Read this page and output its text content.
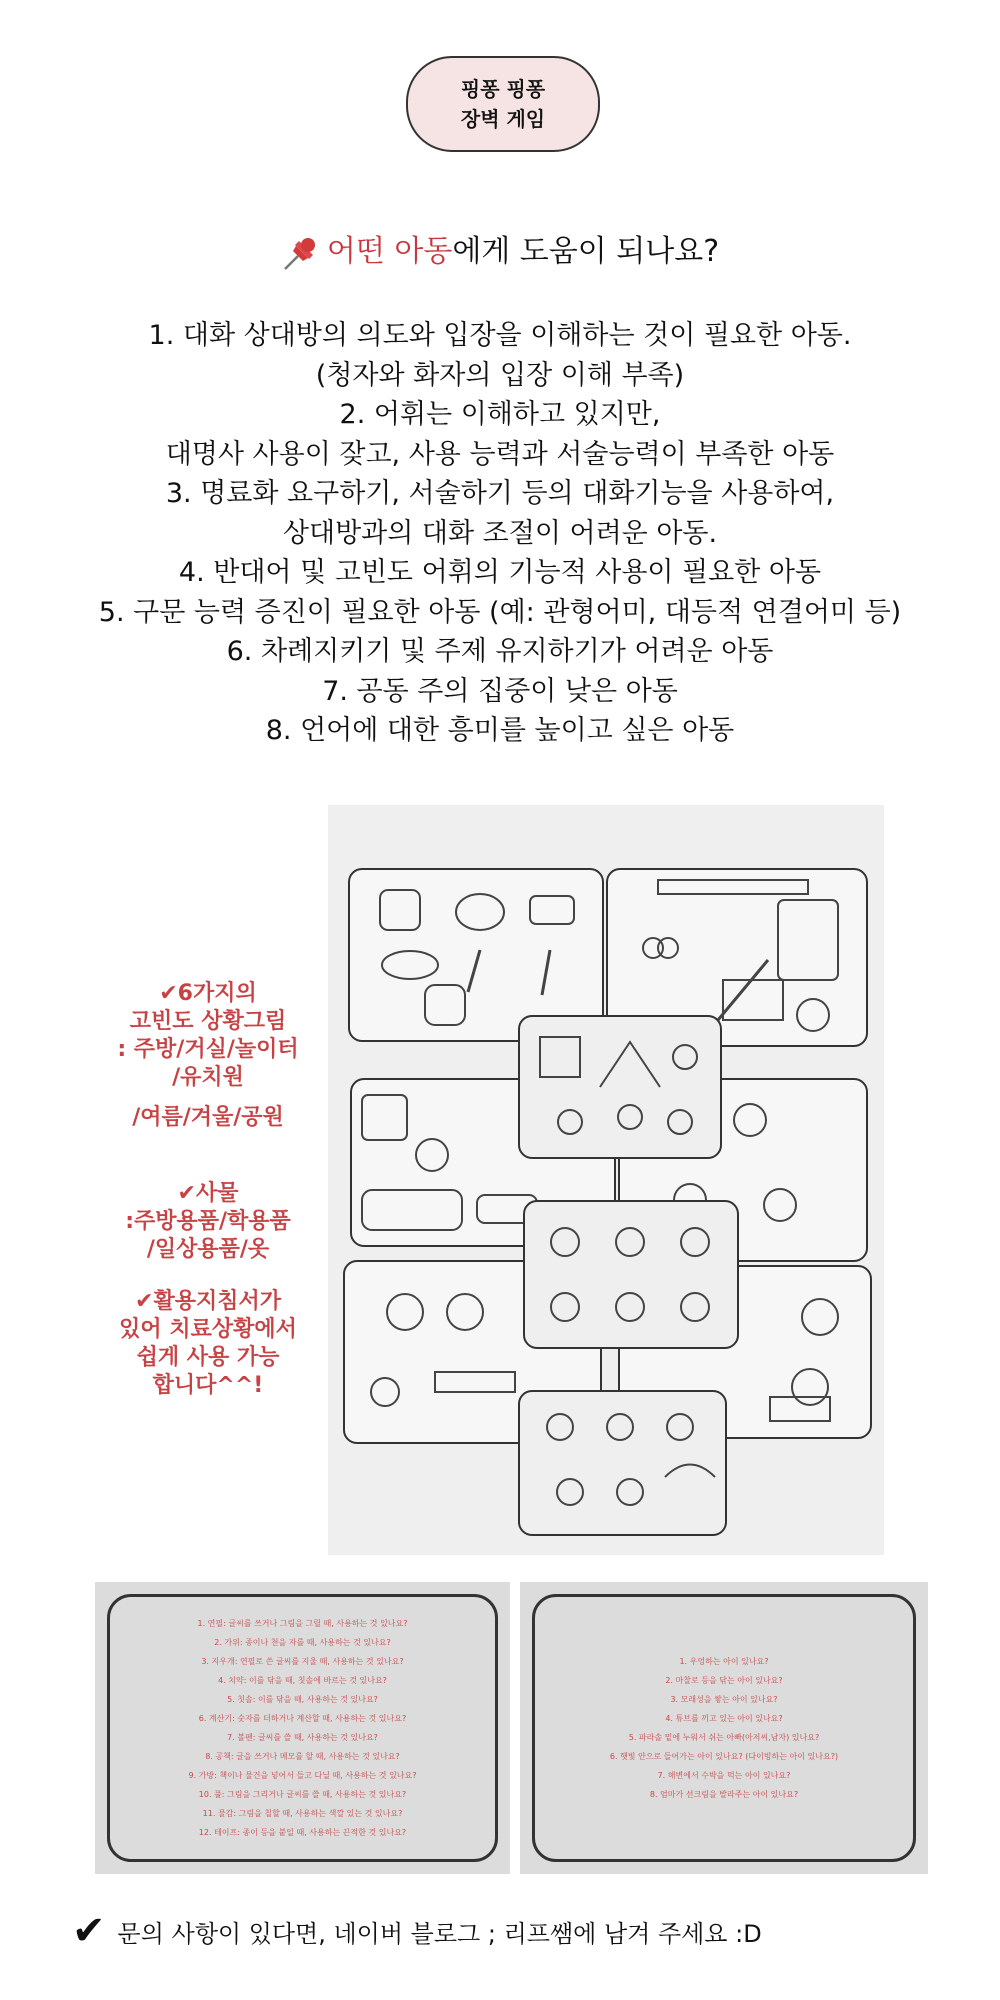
핑퐁 핑퐁
장벽 게임
어떤 아동에게 도움이 되나요?
1. 대화 상대방의 의도와 입장을 이해하는 것이 필요한 아동.
(청자와 화자의 입장 이해 부족)
2. 어휘는 이해하고 있지만,
대명사 사용이 잦고, 사용 능력과 서술능력이 부족한 아동
3. 명료화 요구하기, 서술하기 등의 대화기능을 사용하여,
상대방과의 대화 조절이 어려운 아동.
4. 반대어 및 고빈도 어휘의 기능적 사용이 필요한 아동
5. 구문 능력 증진이 필요한 아동 (예: 관형어미, 대등적 연결어미 등)
6. 차례지키기 및 주제 유지하기가 어려운 아동
7. 공동 주의 집중이 낮은 아동
8. 언어에 대한 흥미를 높이고 싶은 아동
✔6가지의
고빈도 상황그림
: 주방/거실/놀이터
/유치원
/여름/겨울/공원
✔사물
:주방용품/학용품
/일상용품/옷
✔활용지침서가
있어 치료상황에서
쉽게 사용 가능
합니다^^!
1. 연필: 글씨를 쓰거나 그림을 그릴 때, 사용하는 것 있나요?
2. 가위: 종이나 천을 자를 때, 사용하는 것 있나요?
3. 지우개: 연필로 쓴 글씨를 지울 때, 사용하는 것 있나요?
4. 치약: 이를 닦을 때, 칫솔에 바르는 것 있나요?
5. 칫솔: 이를 닦을 때, 사용하는 것 있나요?
6. 계산기: 숫자를 더하거나 계산할 때, 사용하는 것 있나요?
7. 볼펜: 글씨를 쓸 때, 사용하는 것 있나요?
8. 공책: 글을 쓰거나 메모를 할 때, 사용하는 것 있나요?
9. 가방: 책이나 물건을 넣어서 들고 다닐 때, 사용하는 것 있나요?
10. 풀: 그림을 그리거나 글씨를 쓸 때, 사용하는 것 있나요?
11. 물감: 그림을 칠할 때, 사용하는 색깔 있는 것 있나요?
12. 테이프: 종이 등을 붙일 때, 사용하는 끈적한 것 있나요?
1. 우엉하는 아이 있나요?
2. 마찰로 등을 닦는 아이 있나요?
3. 모래성을 쌓는 아이 있나요?
4. 튜브를 끼고 있는 아이 있나요?
5. 파라솔 밑에 누워서 쉬는 아빠(아저씨,남자) 있나요?
6. 햇빛 안으로 들어가는 아이 있나요? (다이빙하는 아이 있나요?)
7. 해변에서 수박을 먹는 아이 있나요?
8. 엄마가 선크림을 발라주는 아이 있나요?
✔ 문의 사항이 있다면, 네이버 블로그 ; 리프쌤에 남겨 주세요 :D
